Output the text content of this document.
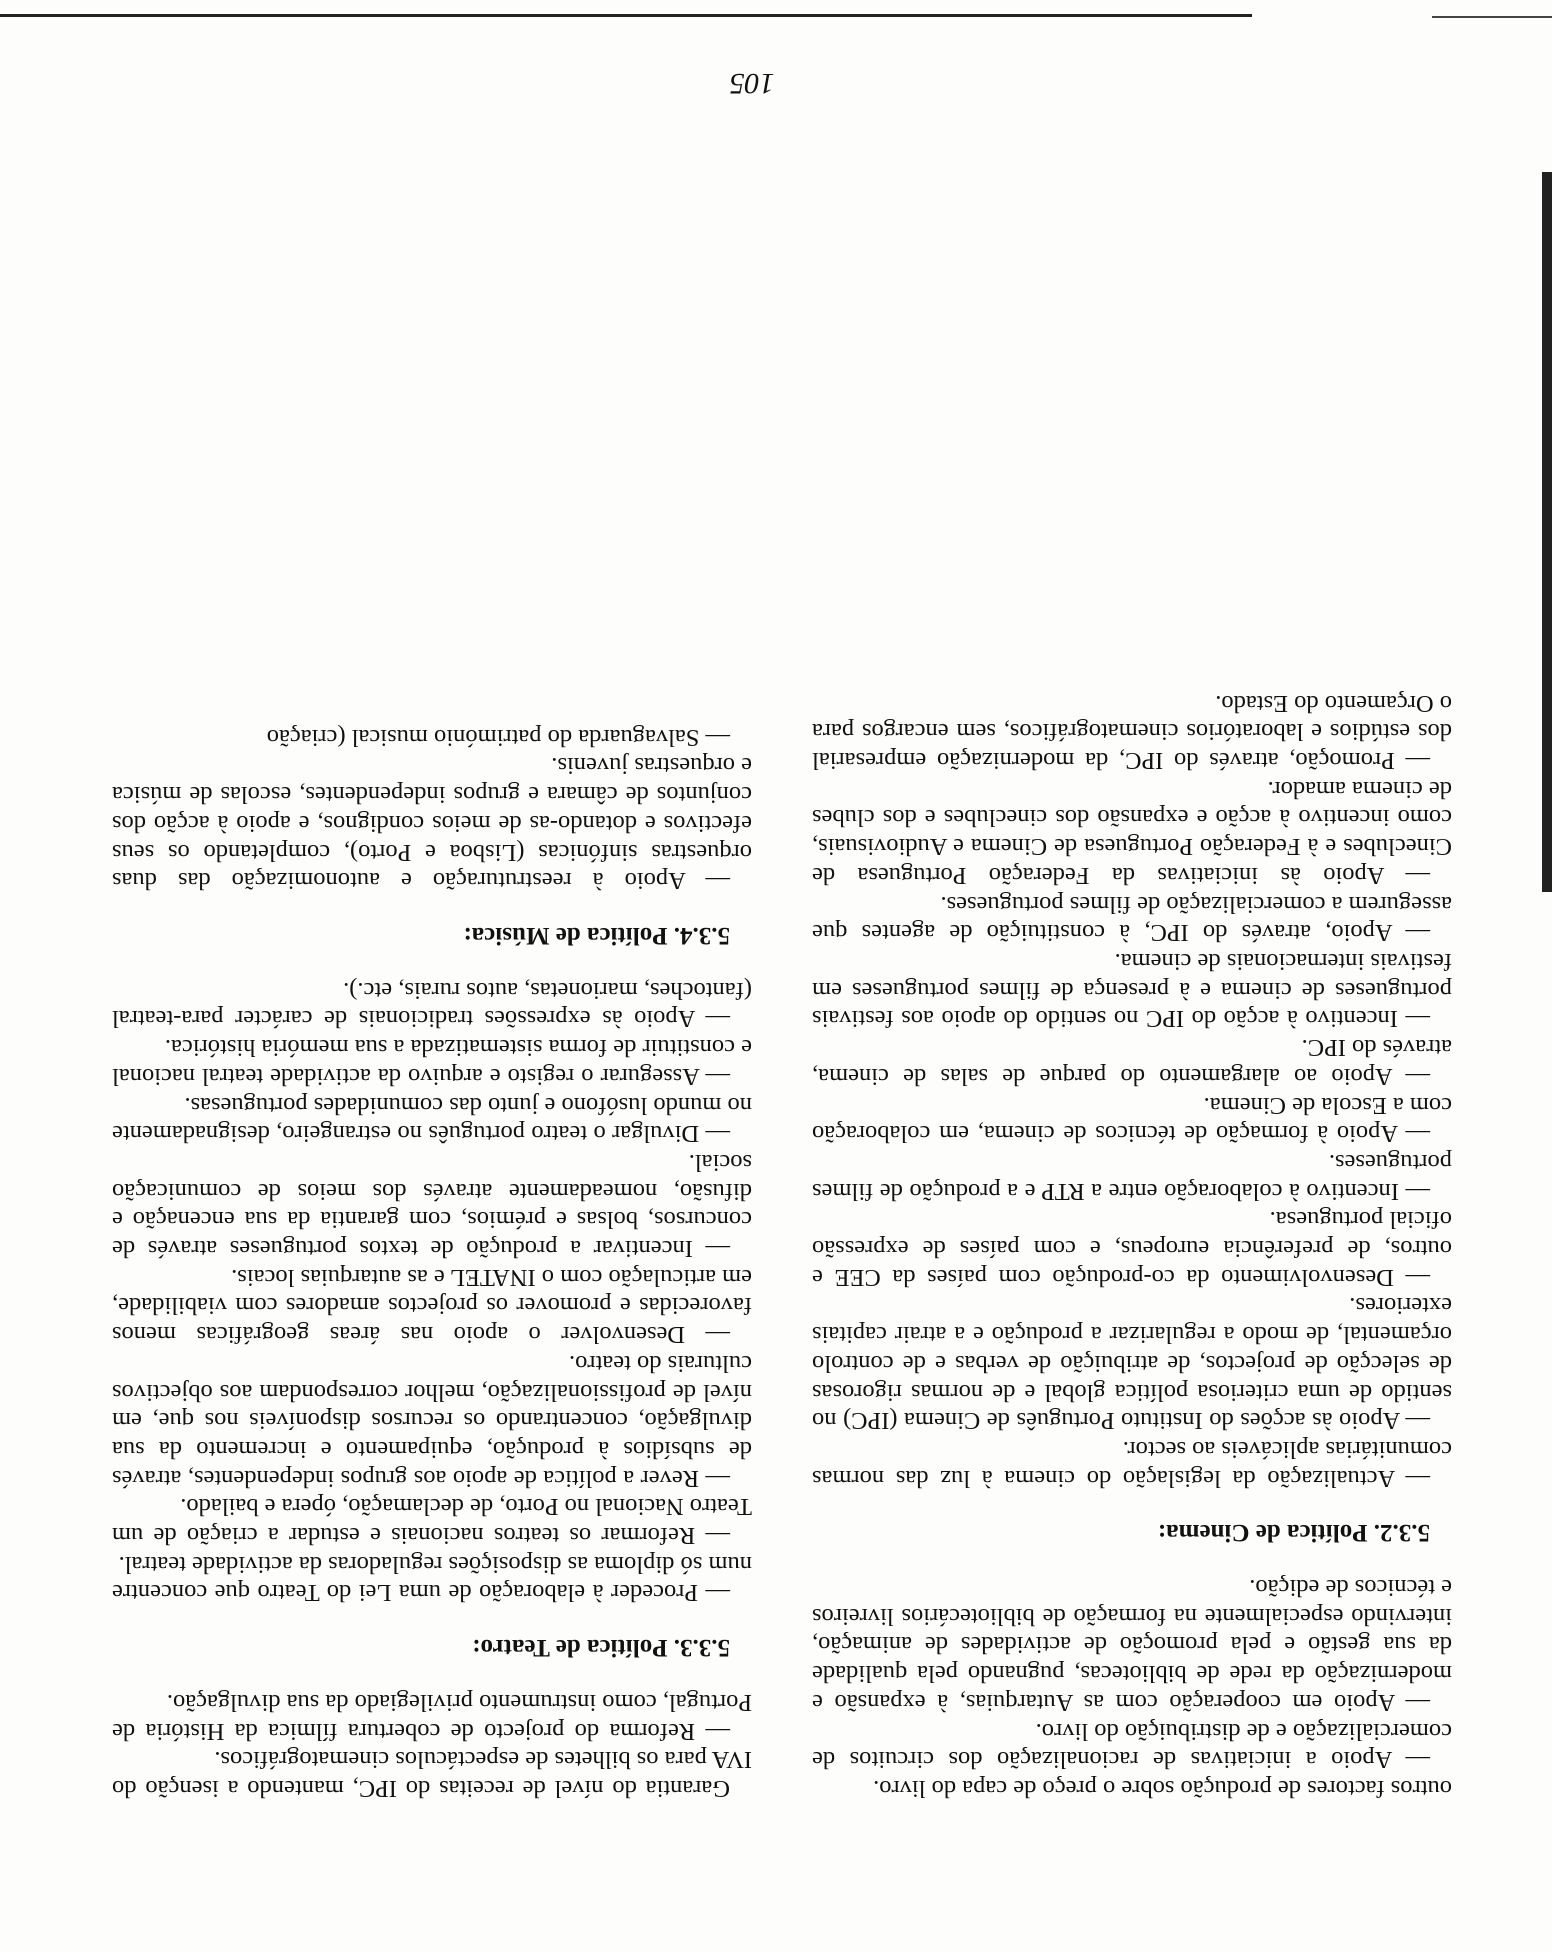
outros factores de produção sobre o preço de capa do livro.

— Apoio a iniciativas de racionalização dos circuitos de comercialização e de distribuição do livro.

— Apoio em cooperação com as Autarquias, à expansão e modernização da rede de bibliotecas, pugnando pela qualidade da sua gestão e pela promoção de actividades de animação, intervindo especialmente na formação de bibliotecários livreiros e técnicos de edição.

5.3.2. Política de Cinema:

— Actualização da legislação do cinema à luz das normas comunitárias aplicáveis ao sector.

— Apoio às acções do Instituto Português de Cinema (IPC) no sentido de uma criteriosa política global e de normas rigorosas de selecção de projectos, de atribuição de verbas e de controlo orçamental, de modo a regularizar a produção e a atrair capitais exteriores.

— Desenvolvimento da co-produção com países da CEE e outros, de preferência europeus, e com países de expressão oficial portuguesa.

— Incentivo à colaboração entre a RTP e a produção de filmes portugueses.

— Apoio à formação de técnicos de cinema, em colaboração com a Escola de Cinema.

— Apoio ao alargamento do parque de salas de cinema, através do IPC.

— Incentivo à acção do IPC no sentido do apoio aos festivais portugueses de cinema e à presença de filmes portugueses em festivais internacionais de cinema.

— Apoio, através do IPC, à constituição de agentes que assegurem a comercialização de filmes portugueses.

— Apoio às iniciativas da Federação Portuguesa de Cineclubes e à Federação Portuguesa de Cinema e Audiovisuais, como incentivo à acção e expansão dos cineclubes e dos clubes de cinema amador.

— Promoção, através do IPC, da modernização empresarial dos estúdios e laboratórios cinematográficos, sem encargos para o Orçamento do Estado.

Garantia do nível de receitas do IPC, mantendo a isenção do IVA para os bilhetes de espectáculos cinematográficos.

— Reforma do projecto de cobertura fílmica da História de Portugal, como instrumento privilegiado da sua divulgação.

5.3.3. Política de Teatro:

— Proceder à elaboração de uma Lei do Teatro que concentre num só diploma as disposições reguladoras da actividade teatral.

— Reformar os teatros nacionais e estudar a criação de um Teatro Nacional no Porto, de declamação, ópera e bailado.

— Rever a política de apoio aos grupos independentes, através de subsídios à produção, equipamento e incremento da sua divulgação, concentrando os recursos disponíveis nos que, em nível de profissionalização, melhor correspondam aos objectivos culturais do teatro.

— Desenvolver o apoio nas áreas geográficas menos favorecidas e promover os projectos amadores com viabilidade, em articulação com o INATEL e as autarquias locais.

— Incentivar a produção de textos portugueses através de concursos, bolsas e prémios, com garantia da sua encenação e difusão, nomeadamente através dos meios de comunicação social.

— Divulgar o teatro português no estrangeiro, designadamente no mundo lusófono e junto das comunidades portuguesas.

— Assegurar o registo e arquivo da actividade teatral nacional e constituir de forma sistematizada a sua memória histórica.

— Apoio às expressões tradicionais de carácter para-teatral (fantoches, marionetas, autos rurais, etc.).

5.3.4. Política de Música:

— Apoio à reestruturação e autonomização das duas orquestras sinfónicas (Lisboa e Porto), completando os seus efectivos e dotando-as de meios condignos, e apoio à acção dos conjuntos de câmara e grupos independentes, escolas de música e orquestras juvenis.

— Salvaguarda do património musical (criação

105
